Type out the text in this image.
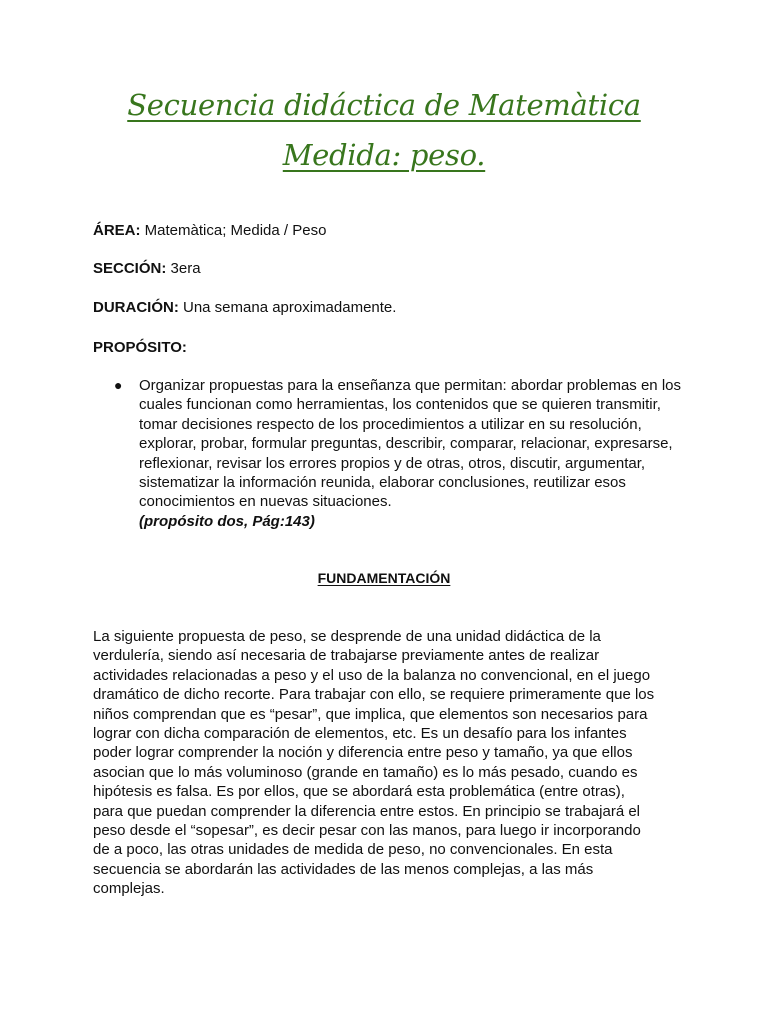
Secuencia didáctica de Matemàtica
Medida: peso.
ÁREA: Matemàtica; Medida / Peso
SECCIÓN: 3era
DURACIÓN: Una semana aproximadamente.
PROPÓSITO:
● Organizar propuestas para la enseñanza que permitan: abordar problemas en los cuales funcionan como herramientas, los contenidos que se quieren transmitir, tomar decisiones respecto de los procedimientos a utilizar en su resolución, explorar, probar, formular preguntas, describir, comparar, relacionar, expresarse, reflexionar, revisar los errores propios y de otras, otros, discutir, argumentar, sistematizar la información reunida, elaborar conclusiones, reutilizar esos conocimientos en nuevas situaciones.
(propósito dos, Pág:143)
FUNDAMENTACIÓN
La siguiente propuesta de peso, se desprende de una unidad didáctica de la
verdulería, siendo así necesaria de trabajarse previamente antes de realizar
actividades relacionadas a peso y el uso de la balanza no convencional, en el juego
dramático de dicho recorte. Para trabajar con ello, se requiere primeramente que los
niños comprendan que es “pesar”, que implica, que elementos son necesarios para
lograr con dicha comparación de elementos, etc. Es un desafío para los infantes
poder lograr comprender la noción y diferencia entre peso y tamaño, ya que ellos
asocian que lo más voluminoso (grande en tamaño) es lo más pesado, cuando es
hipótesis es falsa. Es por ellos, que se abordará esta problemática (entre otras),
para que puedan comprender la diferencia entre estos. En principio se trabajará el
peso desde el “sopesar”, es decir pesar con las manos, para luego ir incorporando
de a poco, las otras unidades de medida de peso, no convencionales. En esta
secuencia se abordarán las actividades de las menos complejas, a las más
complejas.
